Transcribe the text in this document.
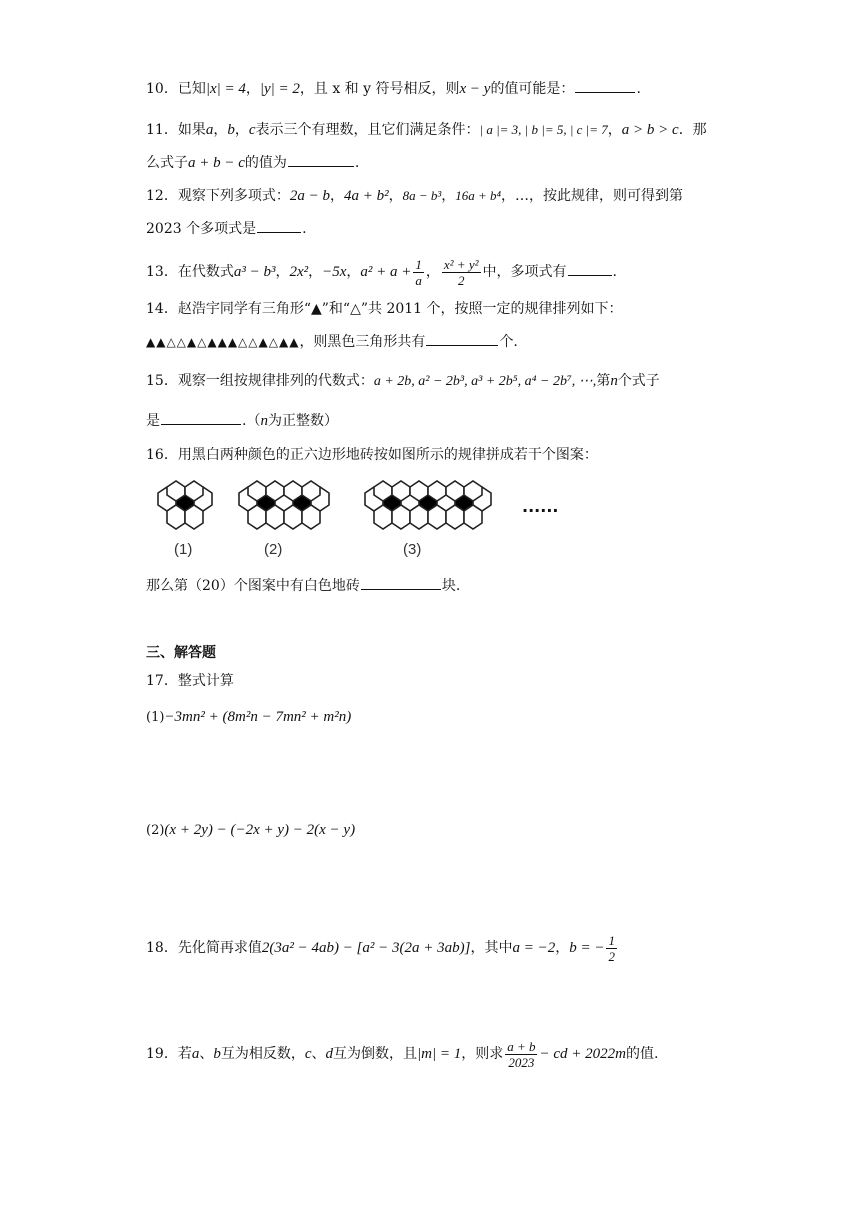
10．已知|x| = 4，|y| = 2，且 x 和 y 符号相反，则x − y的值可能是：	.
11．如果a，b，c表示三个有理数，且它们满足条件：| a |= 3, | b |= 5, | c |= 7，a > b > c．那
么式子a + b − c的值为	.
12．观察下列多项式：2a − b，4a + b²，8a − b³，16a + b⁴，…，按此规律，则可得到第
2023 个多项式是	.
13．在代数式a³ − b³，2x²，−5x，$a^2 + a + \frac{1}{a}$ ， $\frac{\text{x² + y²}}{2}$ 中，多项式有	.
14．赵浩宇同学有三角形“▲”和“△”共 2011 个，按照一定的规律排列如下：
▲▲△△▲△▲▲▲△△▲△▲▲，则黑色三角形共有	个.
15．观察一组按规律排列的代数式：a + 2b, a² − 2b³, a³ + 2b⁵, a⁴ − 2b⁷, ⋯,第n个式子
是	.（n为正整数）
16．用黑白两种颜色的正六边形地砖按如图所示的规律拼成若干个图案：
(1)	(2)	(3)
......
那么第（20）个图案中有白色地砖	块.
三、解答题
17．整式计算
(1)−3mn² + (8m²n − 7mn² + m²n)
(2)(x + 2y) − (−2x + y) − 2(x − y)
18．先化简再求值2(3a² − 4ab) − [a² − 3(2a + 3ab)]，其中a = −2，b = − $\frac{1}{2}$
19．若a、b互为相反数，c、d互为倒数，且|m| = 1，则求 $\frac{a + b}{2023}$ − cd + 2022m的值.
